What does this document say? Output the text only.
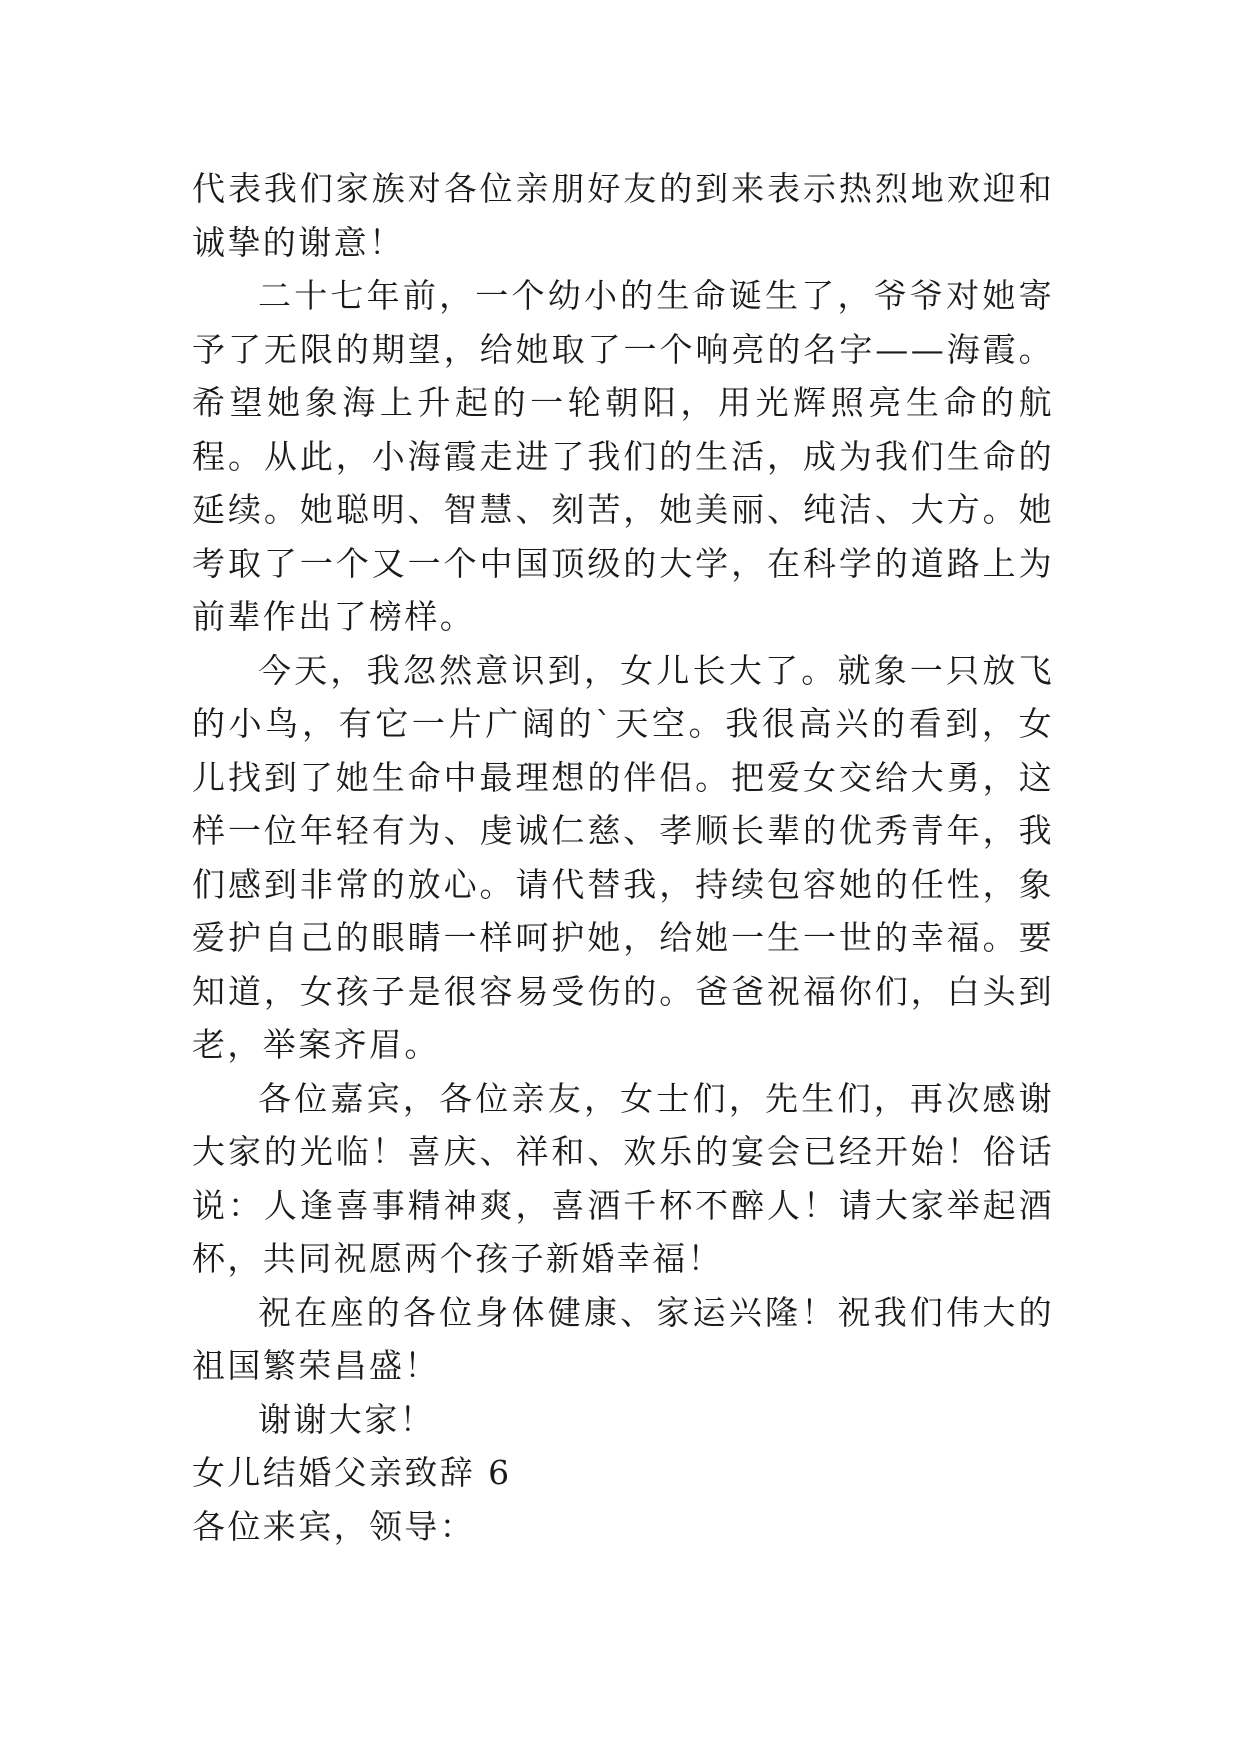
代表我们家族对各位亲朋好友的到来表示热烈地欢迎和诚挚的谢意！

二十七年前，一个幼小的生命诞生了，爷爷对她寄予了无限的期望，给她取了一个响亮的名字——海霞。希望她象海上升起的一轮朝阳，用光辉照亮生命的航程。从此，小海霞走进了我们的生活，成为我们生命的延续。她聪明、智慧、刻苦，她美丽、纯洁、大方。她考取了一个又一个中国顶级的大学，在科学的道路上为前辈作出了榜样。

今天，我忽然意识到，女儿长大了。就象一只放飞的小鸟，有它一片广阔的`天空。我很高兴的看到，女儿找到了她生命中最理想的伴侣。把爱女交给大勇，这样一位年轻有为、虔诚仁慈、孝顺长辈的优秀青年，我们感到非常的放心。请代替我，持续包容她的任性，象爱护自己的眼睛一样呵护她，给她一生一世的幸福。要知道，女孩子是很容易受伤的。爸爸祝福你们，白头到老，举案齐眉。

各位嘉宾，各位亲友，女士们，先生们，再次感谢大家的光临！喜庆、祥和、欢乐的宴会已经开始！俗话说：人逢喜事精神爽，喜酒千杯不醉人！请大家举起酒杯，共同祝愿两个孩子新婚幸福！

祝在座的各位身体健康、家运兴隆！祝我们伟大的祖国繁荣昌盛！

谢谢大家！

女儿结婚父亲致辞 6

各位来宾，领导：
